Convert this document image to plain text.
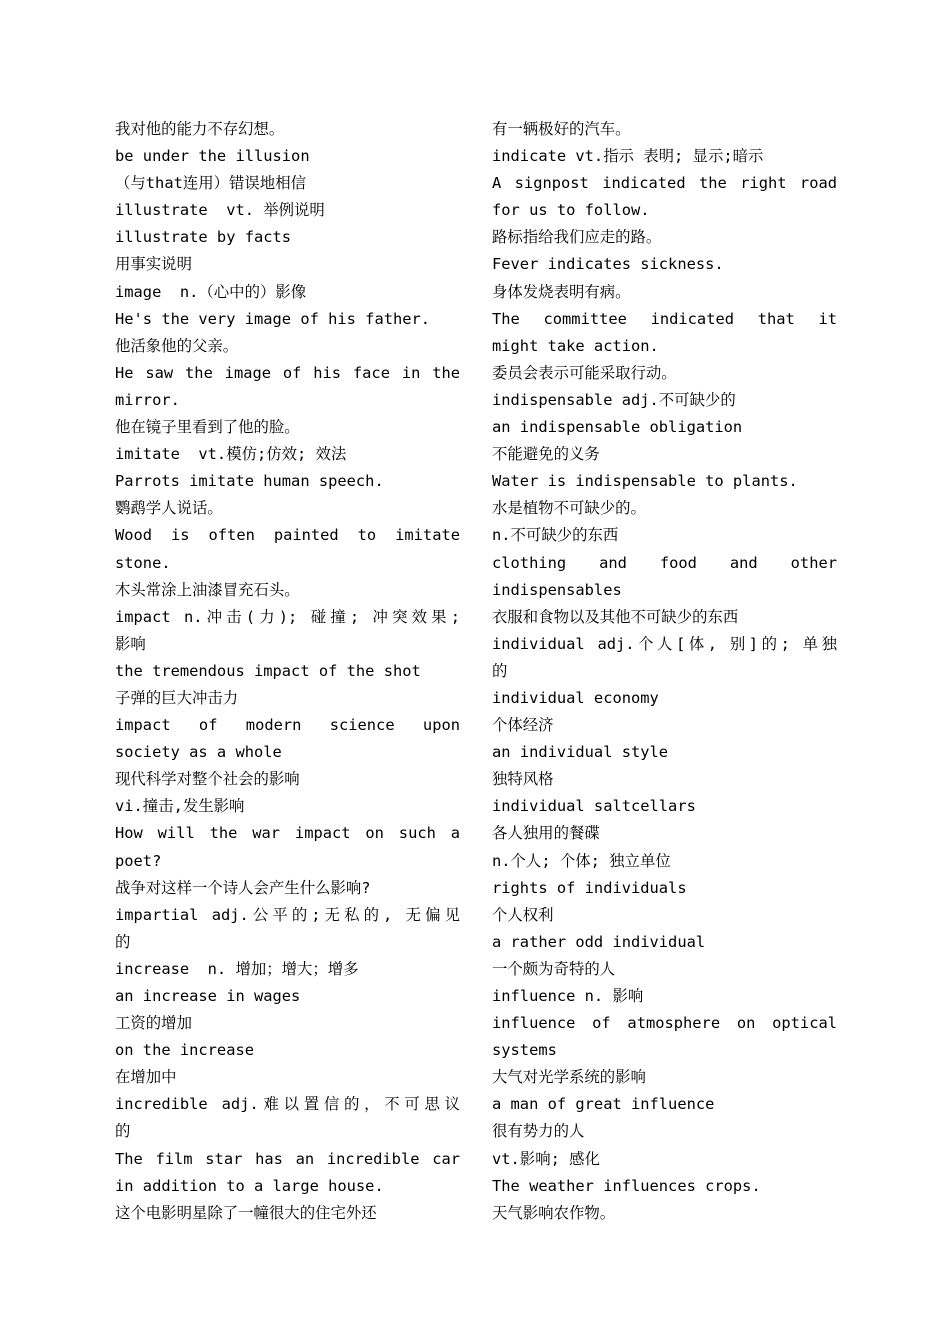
我对他的能力不存幻想。
be under the illusion
（与that连用）错误地相信
illustrate  vt. 举例说明
illustrate by facts
用事实说明
image  n.（心中的）影像
He's the very image of his father.
他活象他的父亲。
He saw the image of his face in the
mirror.
他在镜子里看到了他的脸。
imitate  vt.模仿;仿效; 效法
Parrots imitate human speech.
鹦鹉学人说话。
Wood is often painted to imitate
stone.
木头常涂上油漆冒充石头。
impact n.冲击(力); 碰撞; 冲突效果;
影响
the tremendous impact of the shot
子弹的巨大冲击力
impact of modern science upon
society as a whole
现代科学对整个社会的影响
vi.撞击,发生影响
How will the war impact on such a
poet?
战争对这样一个诗人会产生什么影响?
impartial adj.公平的;无私的, 无偏见
的
increase  n. 增加；增大；增多
an increase in wages
工资的增加
on the increase
在增加中
incredible adj.难以置信的，不可思议
的
The film star has an incredible car
in addition to a large house.
这个电影明星除了一幢很大的住宅外还
有一辆极好的汽车。
indicate vt.指示 表明; 显示;暗示
A signpost indicated the right road
for us to follow.
路标指给我们应走的路。
Fever indicates sickness.
身体发烧表明有病。
The committee indicated that it
might take action.
委员会表示可能采取行动。
indispensable adj.不可缺少的
an indispensable obligation
不能避免的义务
Water is indispensable to plants.
水是植物不可缺少的。
n.不可缺少的东西
clothing and food and other
indispensables
衣服和食物以及其他不可缺少的东西
individual adj.个人[体, 别]的; 单独
的
individual economy
个体经济
an individual style
独特风格
individual saltcellars
各人独用的餐碟
n.个人; 个体; 独立单位
rights of individuals
个人权利
a rather odd individual
一个颇为奇特的人
influence n. 影响
influence of atmosphere on optical
systems
大气对光学系统的影响
a man of great influence
很有势力的人
vt.影响; 感化
The weather influences crops.
天气影响农作物。
